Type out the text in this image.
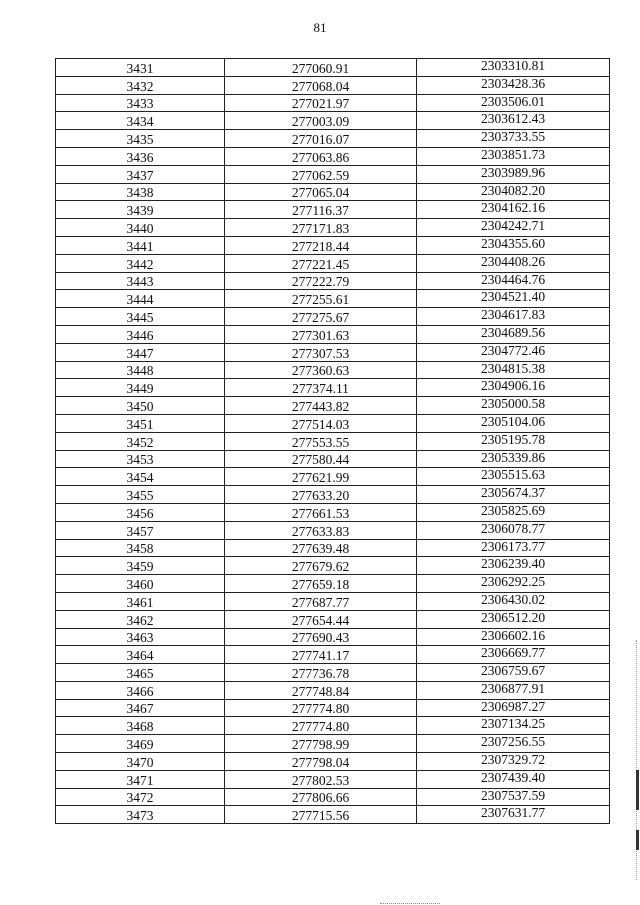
81
3431	277060.91	2303310.81
3432	277068.04	2303428.36
3433	277021.97	2303506.01
3434	277003.09	2303612.43
3435	277016.07	2303733.55
3436	277063.86	2303851.73
3437	277062.59	2303989.96
3438	277065.04	2304082.20
3439	277116.37	2304162.16
3440	277171.83	2304242.71
3441	277218.44	2304355.60
3442	277221.45	2304408.26
3443	277222.79	2304464.76
3444	277255.61	2304521.40
3445	277275.67	2304617.83
3446	277301.63	2304689.56
3447	277307.53	2304772.46
3448	277360.63	2304815.38
3449	277374.11	2304906.16
3450	277443.82	2305000.58
3451	277514.03	2305104.06
3452	277553.55	2305195.78
3453	277580.44	2305339.86
3454	277621.99	2305515.63
3455	277633.20	2305674.37
3456	277661.53	2305825.69
3457	277633.83	2306078.77
3458	277639.48	2306173.77
3459	277679.62	2306239.40
3460	277659.18	2306292.25
3461	277687.77	2306430.02
3462	277654.44	2306512.20
3463	277690.43	2306602.16
3464	277741.17	2306669.77
3465	277736.78	2306759.67
3466	277748.84	2306877.91
3467	277774.80	2306987.27
3468	277774.80	2307134.25
3469	277798.99	2307256.55
3470	277798.04	2307329.72
3471	277802.53	2307439.40
3472	277806.66	2307537.59
3473	277715.56	2307631.77
